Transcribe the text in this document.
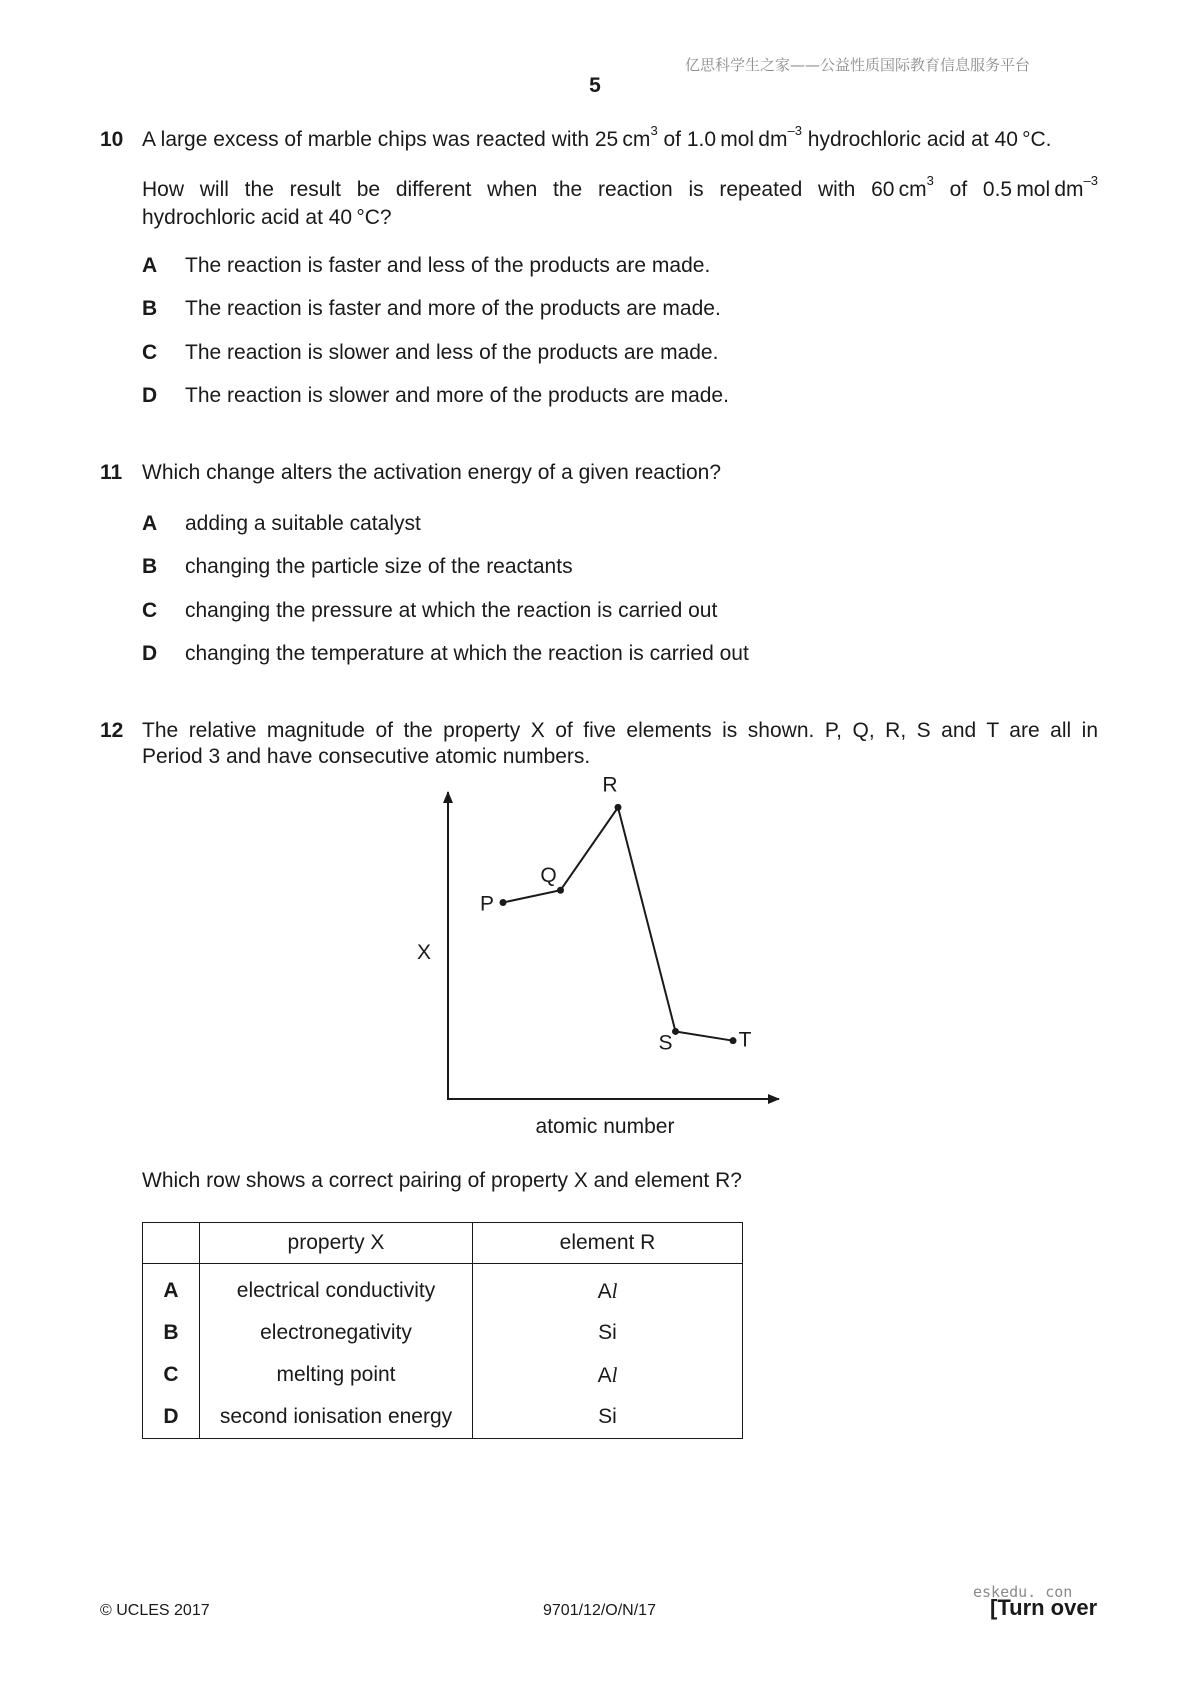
亿思科学生之家——公益性质国际教育信息服务平台
5
10 A large excess of marble chips was reacted with 25 $cm^3$ of 1.0 mol $dm^{-3}$ hydrochloric acid at 40 °C.
How will the result be different when the reaction is repeated with 60 $cm^3$ of 0.5 mol $dm^{-3}$
hydrochloric acid at 40 °C?
A The reaction is faster and less of the products are made.
B The reaction is faster and more of the products are made.
C The reaction is slower and less of the products are made.
D The reaction is slower and more of the products are made.
11 Which change alters the activation energy of a given reaction?
A adding a suitable catalyst
B changing the particle size of the reactants
C changing the pressure at which the reaction is carried out
D changing the temperature at which the reaction is carried out
12 The relative magnitude of the property X of five elements is shown. P, Q, R, S and T are all in
Period 3 and have consecutive atomic numbers.
X
atomic number
P
Q
R
S	T
Which row shows a correct pairing of property X and element R?
	property X	element R
A	electrical conductivity	Al
B	electronegativity	Si
C	melting point	Al
D	second ionisation energy	Si
eskedu. con
© UCLES 2017	9701/12/O/N/17	[Turn over
